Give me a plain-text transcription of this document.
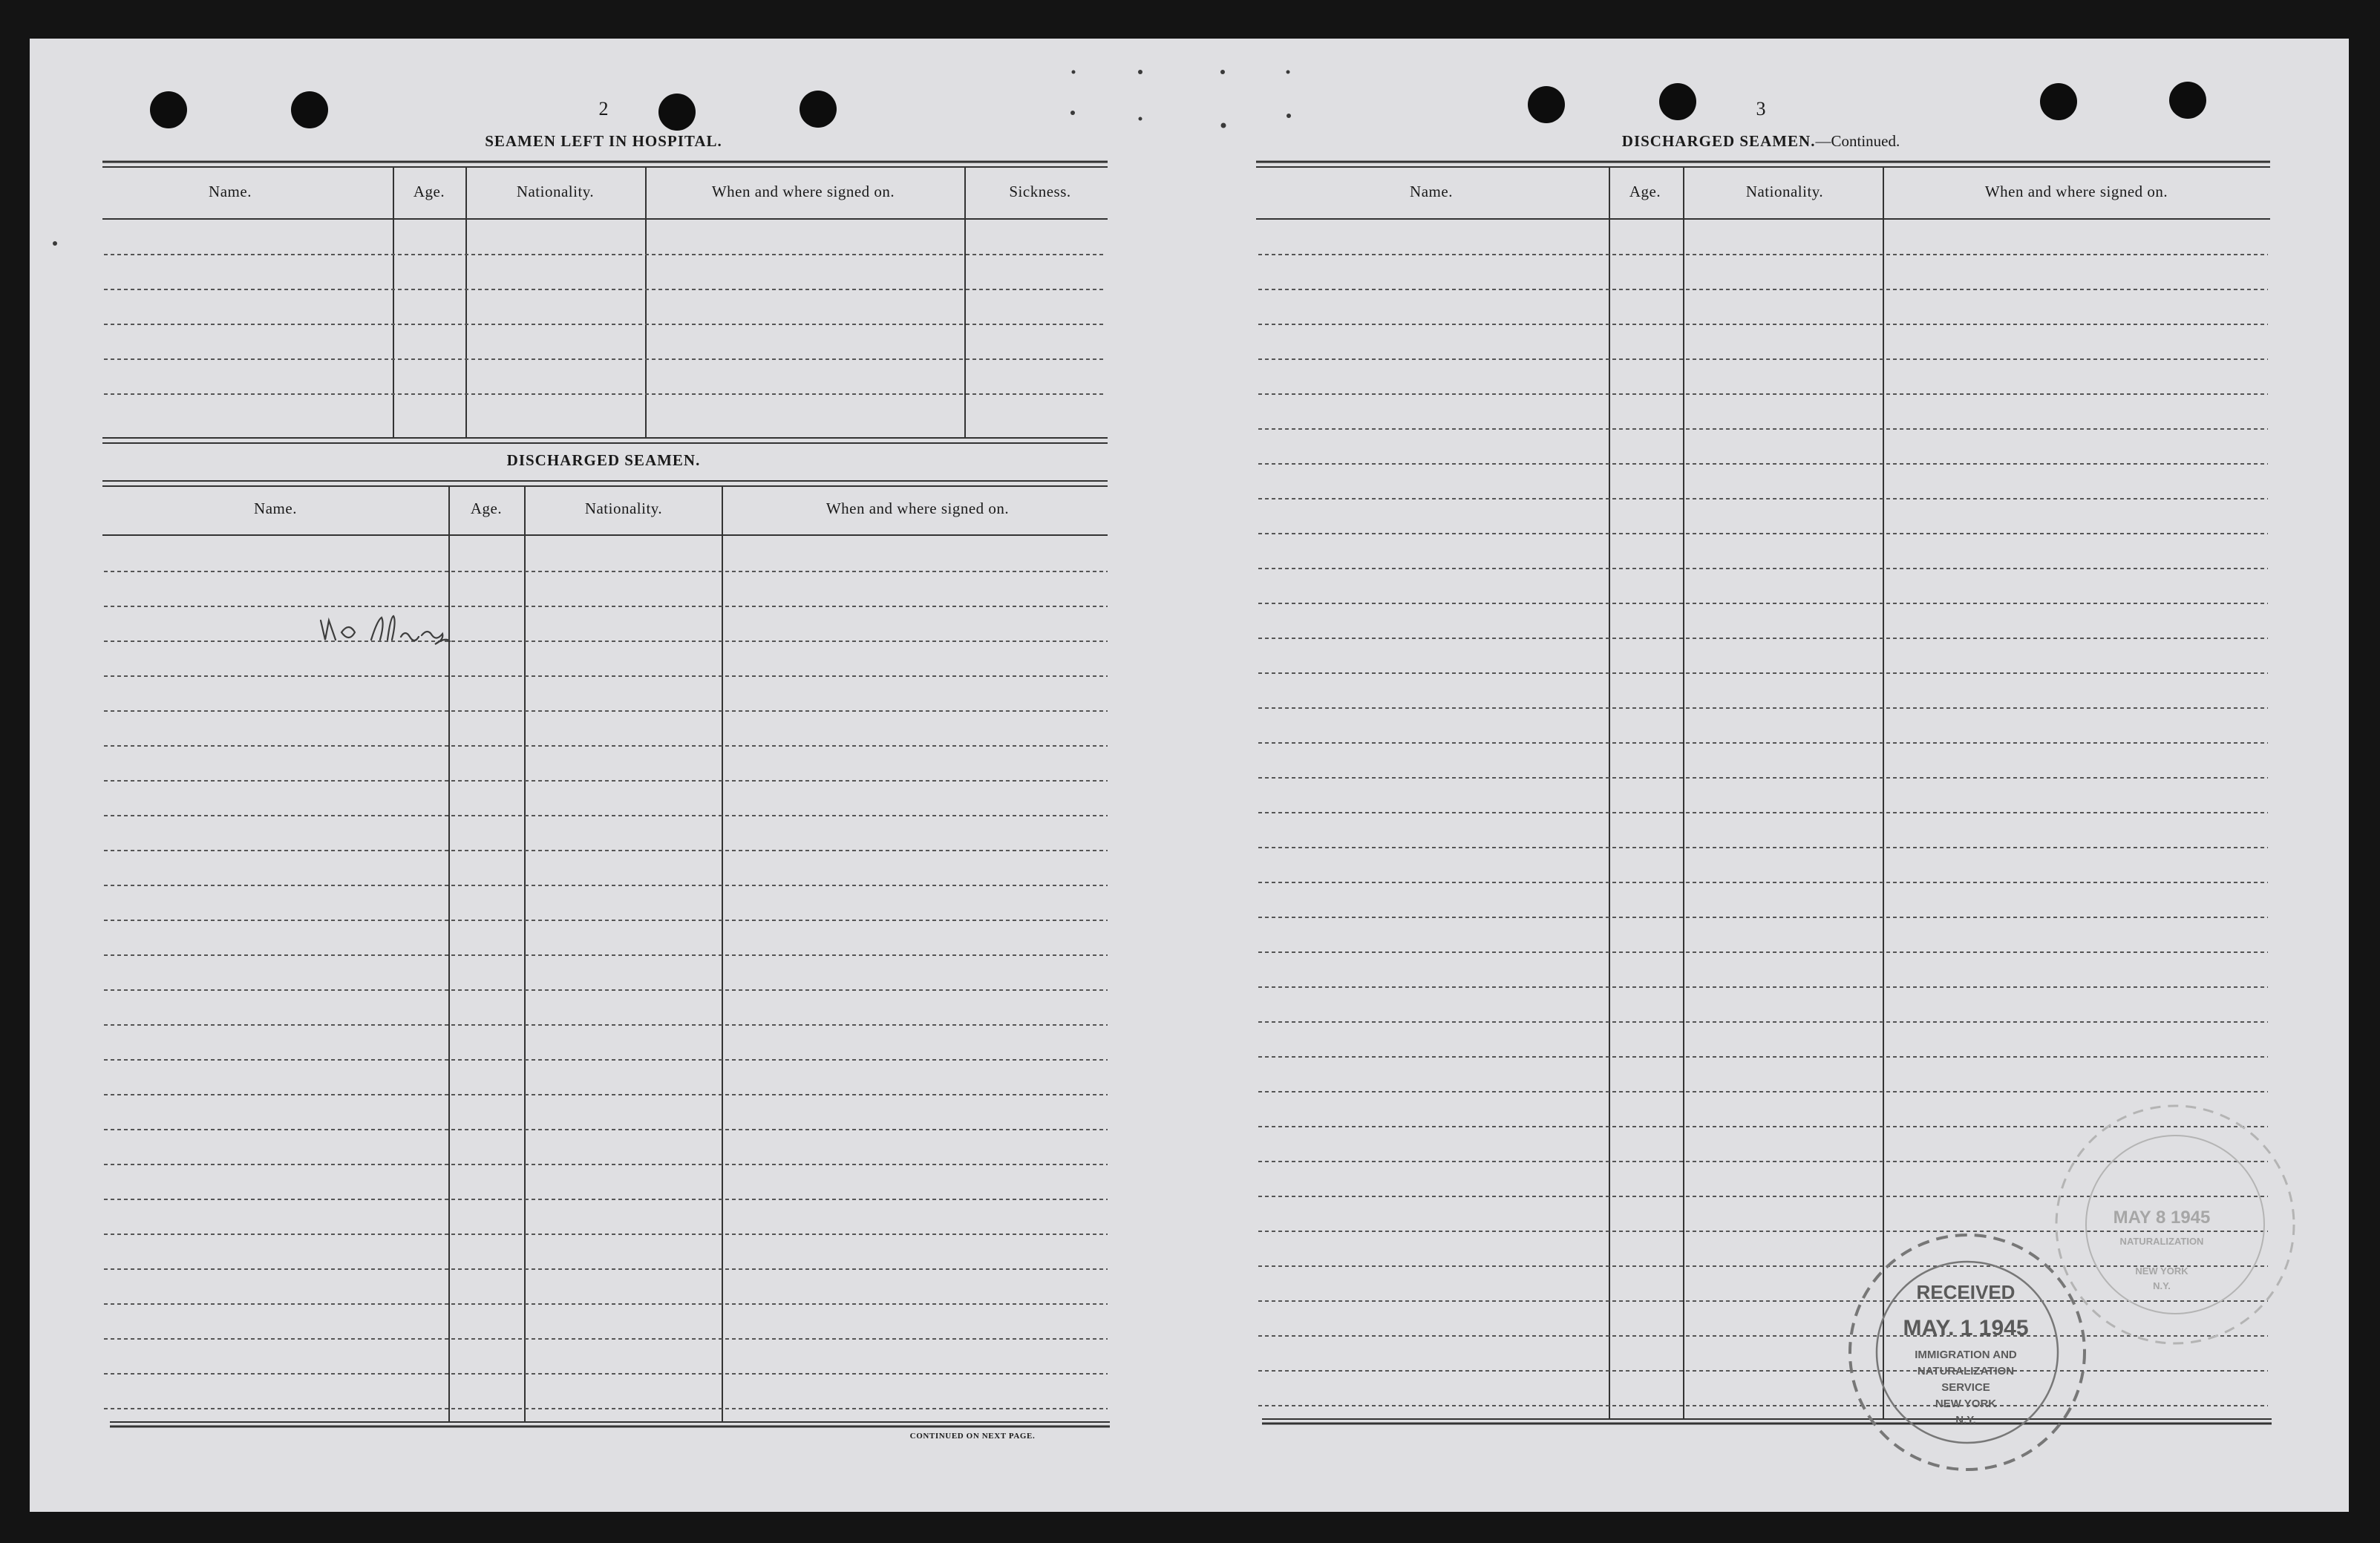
2
SEAMEN LEFT IN HOSPITAL.
Name.	Age.	Nationality.	When and where signed on.	Sickness.
DISCHARGED SEAMEN.
Name.	Age.	Nationality.	When and where signed on.
CONTINUED ON NEXT PAGE.
3
DISCHARGED SEAMEN.—Continued.
Name.	Age.	Nationality.	When and where signed on.
RECEIVED
MAY. 1 1945
IMMIGRATION AND
NATURALIZATION
SERVICE
NEW YORK
N.Y.
MAY 8 1945
NATURALIZATION
NEW YORK
N.Y.
